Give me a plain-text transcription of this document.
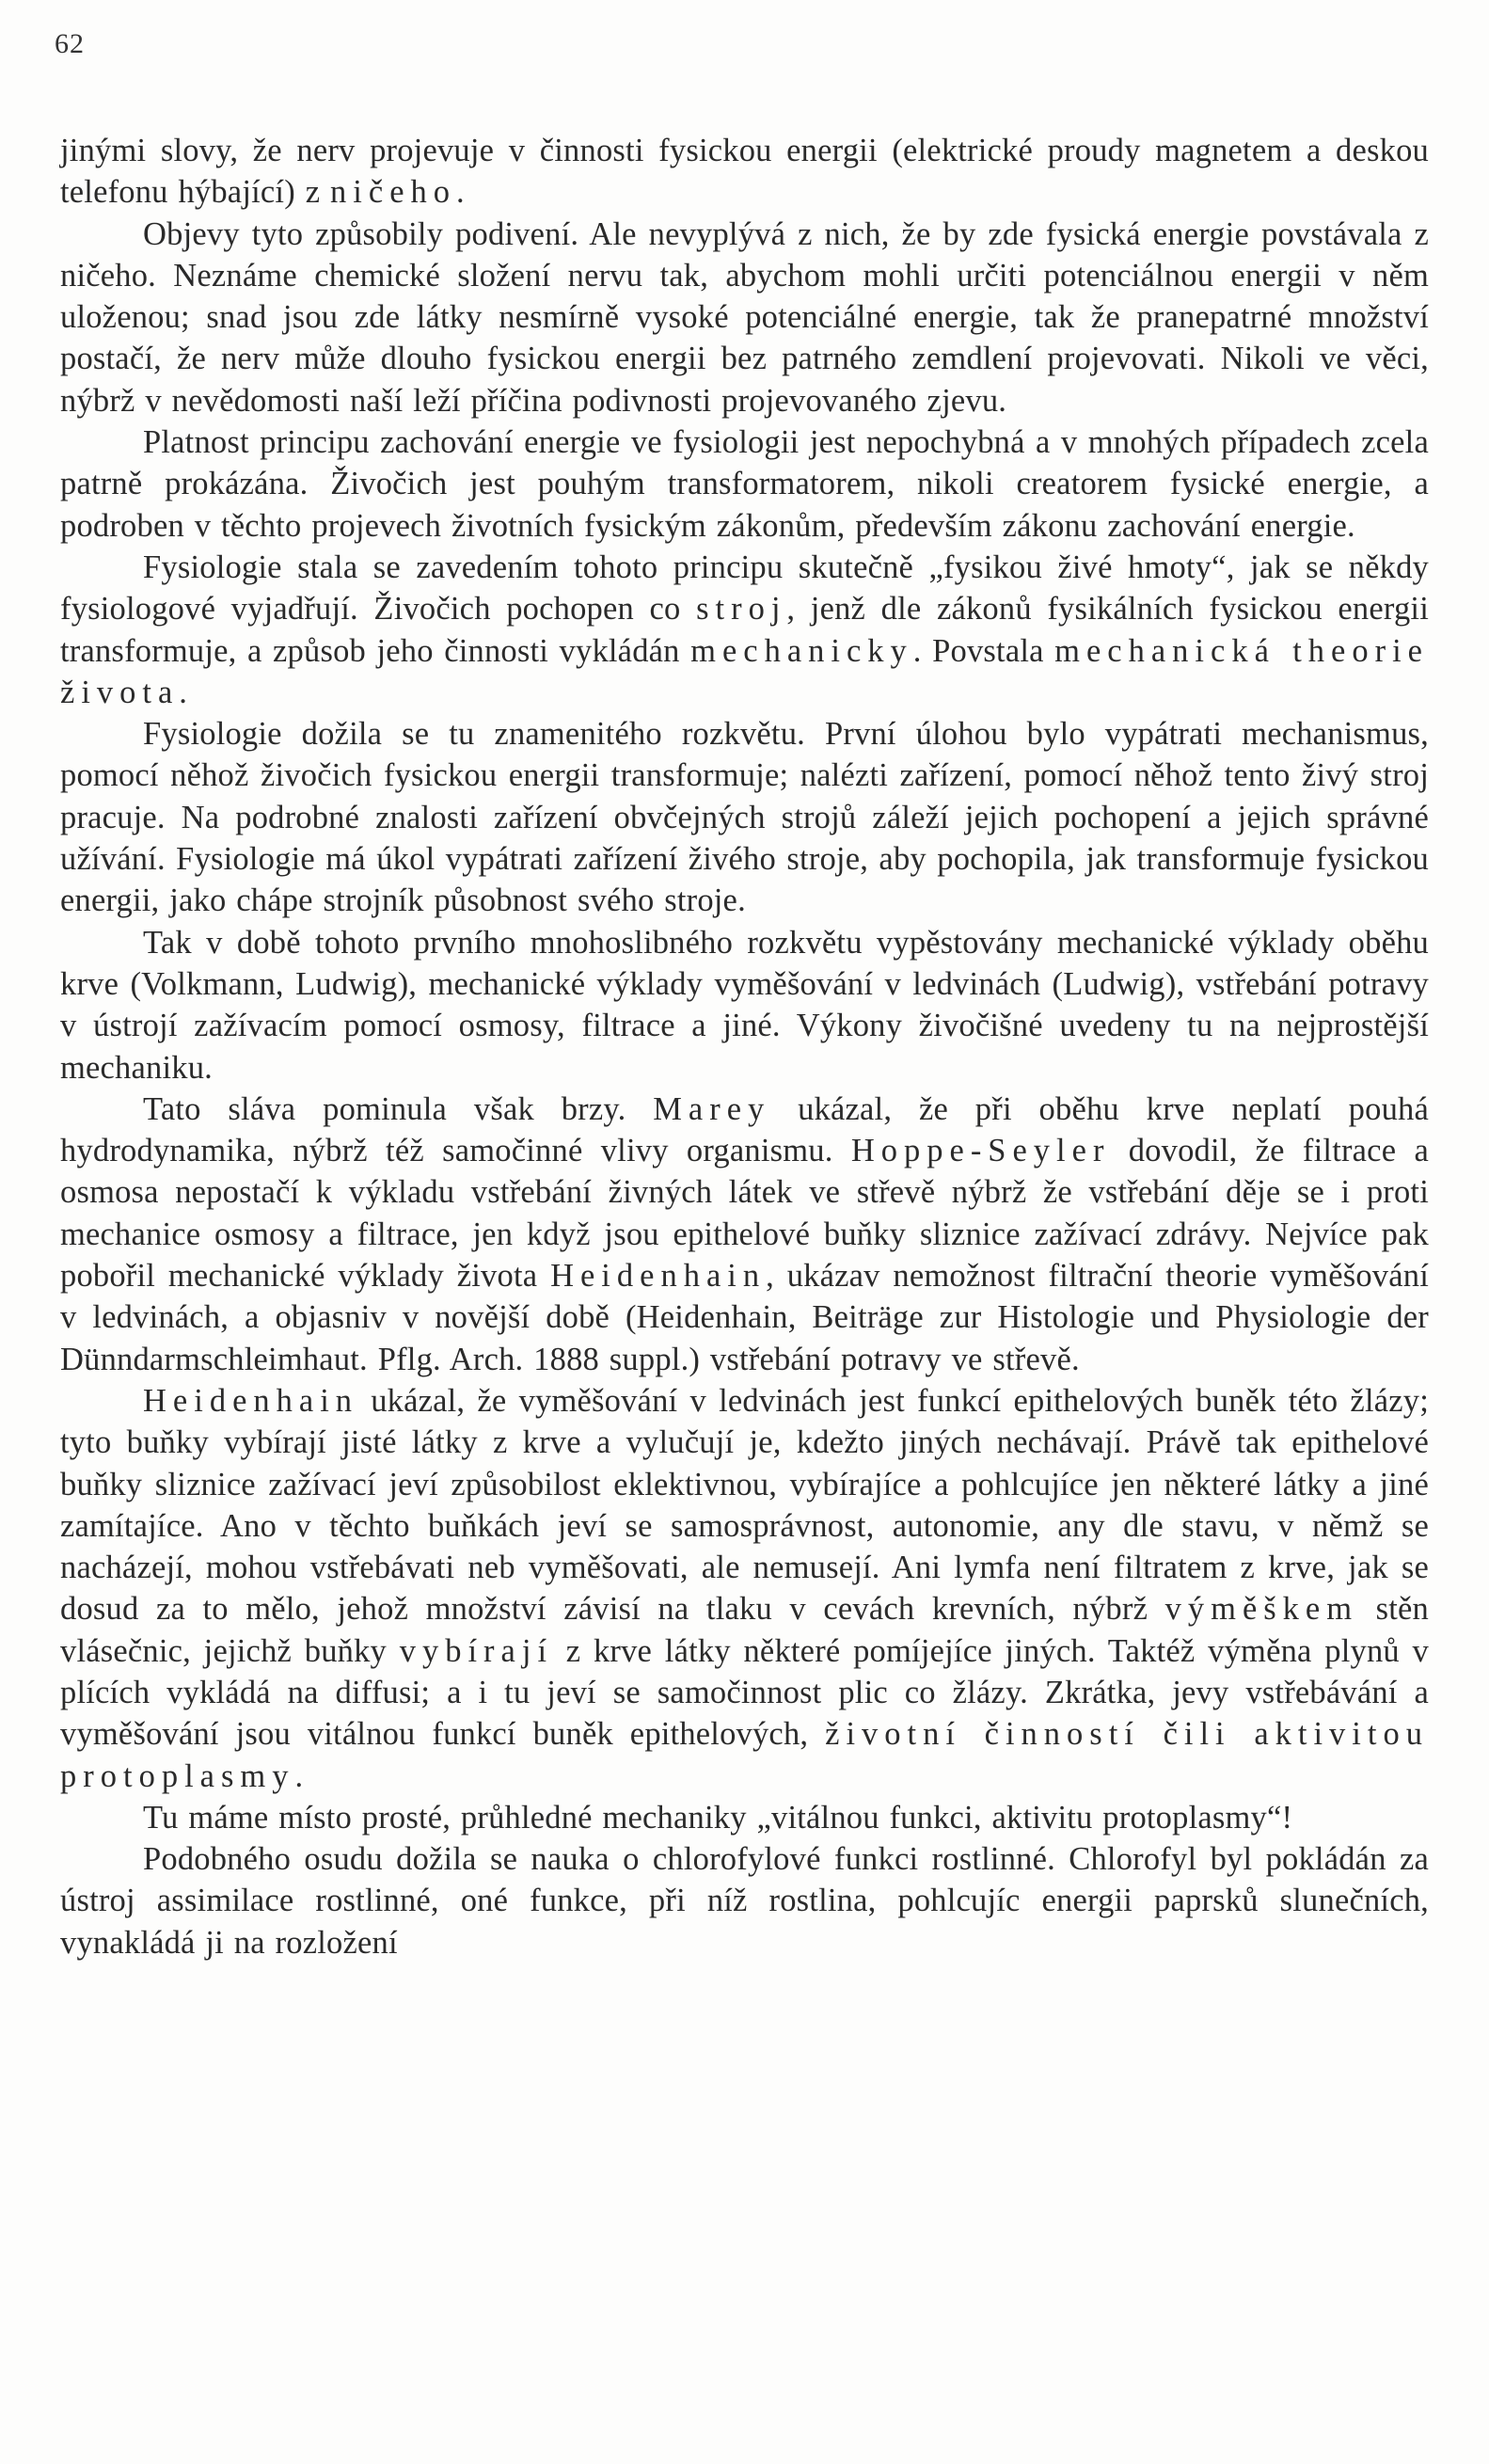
62

jinými slovy, že nerv projevuje v činnosti fysickou energii (elektrické proudy magnetem a deskou telefonu hýbající) z ničeho.

Objevy tyto způsobily podivení. Ale nevyplývá z nich, že by zde fysická energie povstávala z ničeho. Neznáme chemické složení nervu tak, abychom mohli určiti potenciálnou energii v něm uloženou; snad jsou zde látky nesmírně vysoké potenciálné energie, tak že pranepatrné množství postačí, že nerv může dlouho fysickou energii bez patrného zemdlení projevovati. Nikoli ve věci, nýbrž v nevědomosti naší leží příčina podivnosti projevovaného zjevu.

Platnost principu zachování energie ve fysiologii jest nepochybná a v mnohých případech zcela patrně prokázána. Živočich jest pouhým transformatorem, nikoli creatorem fysické energie, a podroben v těchto projevech životních fysickým zákonům, především zákonu zachování energie.

Fysiologie stala se zavedením tohoto principu skutečně „fysikou živé hmoty“, jak se někdy fysiologové vyjadřují. Živočich pochopen co stroj, jenž dle zákonů fysikálních fysickou energii transformuje, a způsob jeho činnosti vykládán mechanicky. Povstala mechanická theorie života.

Fysiologie dožila se tu znamenitého rozkvětu. První úlohou bylo vypátrati mechanismus, pomocí něhož živočich fysickou energii transformuje; nalézti zařízení, pomocí něhož tento živý stroj pracuje. Na podrobné znalosti zařízení obvčejných strojů záleží jejich pochopení a jejich správné užívání. Fysiologie má úkol vypátrati zařízení živého stroje, aby pochopila, jak transformuje fysickou energii, jako chápe strojník působnost svého stroje.

Tak v době tohoto prvního mnohoslibného rozkvětu vypěstovány mechanické výklady oběhu krve (Volkmann, Ludwig), mechanické výklady vyměšování v ledvinách (Ludwig), vstřebání potravy v ústrojí zažívacím pomocí osmosy, filtrace a jiné. Výkony živočišné uvedeny tu na nejprostější mechaniku.

Tato sláva pominula však brzy. Marey ukázal, že při oběhu krve neplatí pouhá hydrodynamika, nýbrž též samočinné vlivy organismu. Hoppe-Seyler dovodil, že filtrace a osmosa nepostačí k výkladu vstřebání živných látek ve střevě nýbrž že vstřebání děje se i proti mechanice osmosy a filtrace, jen když jsou epithelové buňky sliznice zažívací zdrávy. Nejvíce pak pobořil mechanické výklady života Heidenhain, ukázav nemožnost filtrační theorie vyměšování v ledvinách, a objasniv v novější době (Heidenhain, Beiträge zur Histologie und Physiologie der Dünndarmschleimhaut. Pflg. Arch. 1888 suppl.) vstřebání potravy ve střevě.

Heidenhain ukázal, že vyměšování v ledvinách jest funkcí epithelových buněk této žlázy; tyto buňky vybírají jisté látky z krve a vylučují je, kdežto jiných nechávají. Právě tak epithelové buňky sliznice zažívací jeví způsobilost eklektivnou, vybírajíce a pohlcujíce jen některé látky a jiné zamítajíce. Ano v těchto buňkách jeví se samosprávnost, autonomie, any dle stavu, v němž se nacházejí, mohou vstřebávati neb vyměšovati, ale nemusejí. Ani lymfa není filtratem z krve, jak se dosud za to mělo, jehož množství závisí na tlaku v cevách krevních, nýbrž výměškem stěn vlásečnic, jejichž buňky vybírají z krve látky některé pomíjejíce jiných. Taktéž výměna plynů v plících vykládá na diffusi; a i tu jeví se samočinnost plic co žlázy. Zkrátka, jevy vstřebávání a vyměšování jsou vitálnou funkcí buněk epithelových, životní činností čili aktivitou protoplasmy.

Tu máme místo prosté, průhledné mechaniky „vitálnou funkci, aktivitu protoplasmy“!

Podobného osudu dožila se nauka o chlorofylové funkci rostlinné. Chlorofyl byl pokládán za ústroj assimilace rostlinné, oné funkce, při níž rostlina, pohlcujíc energii paprsků slunečních, vynakládá ji na rozložení
